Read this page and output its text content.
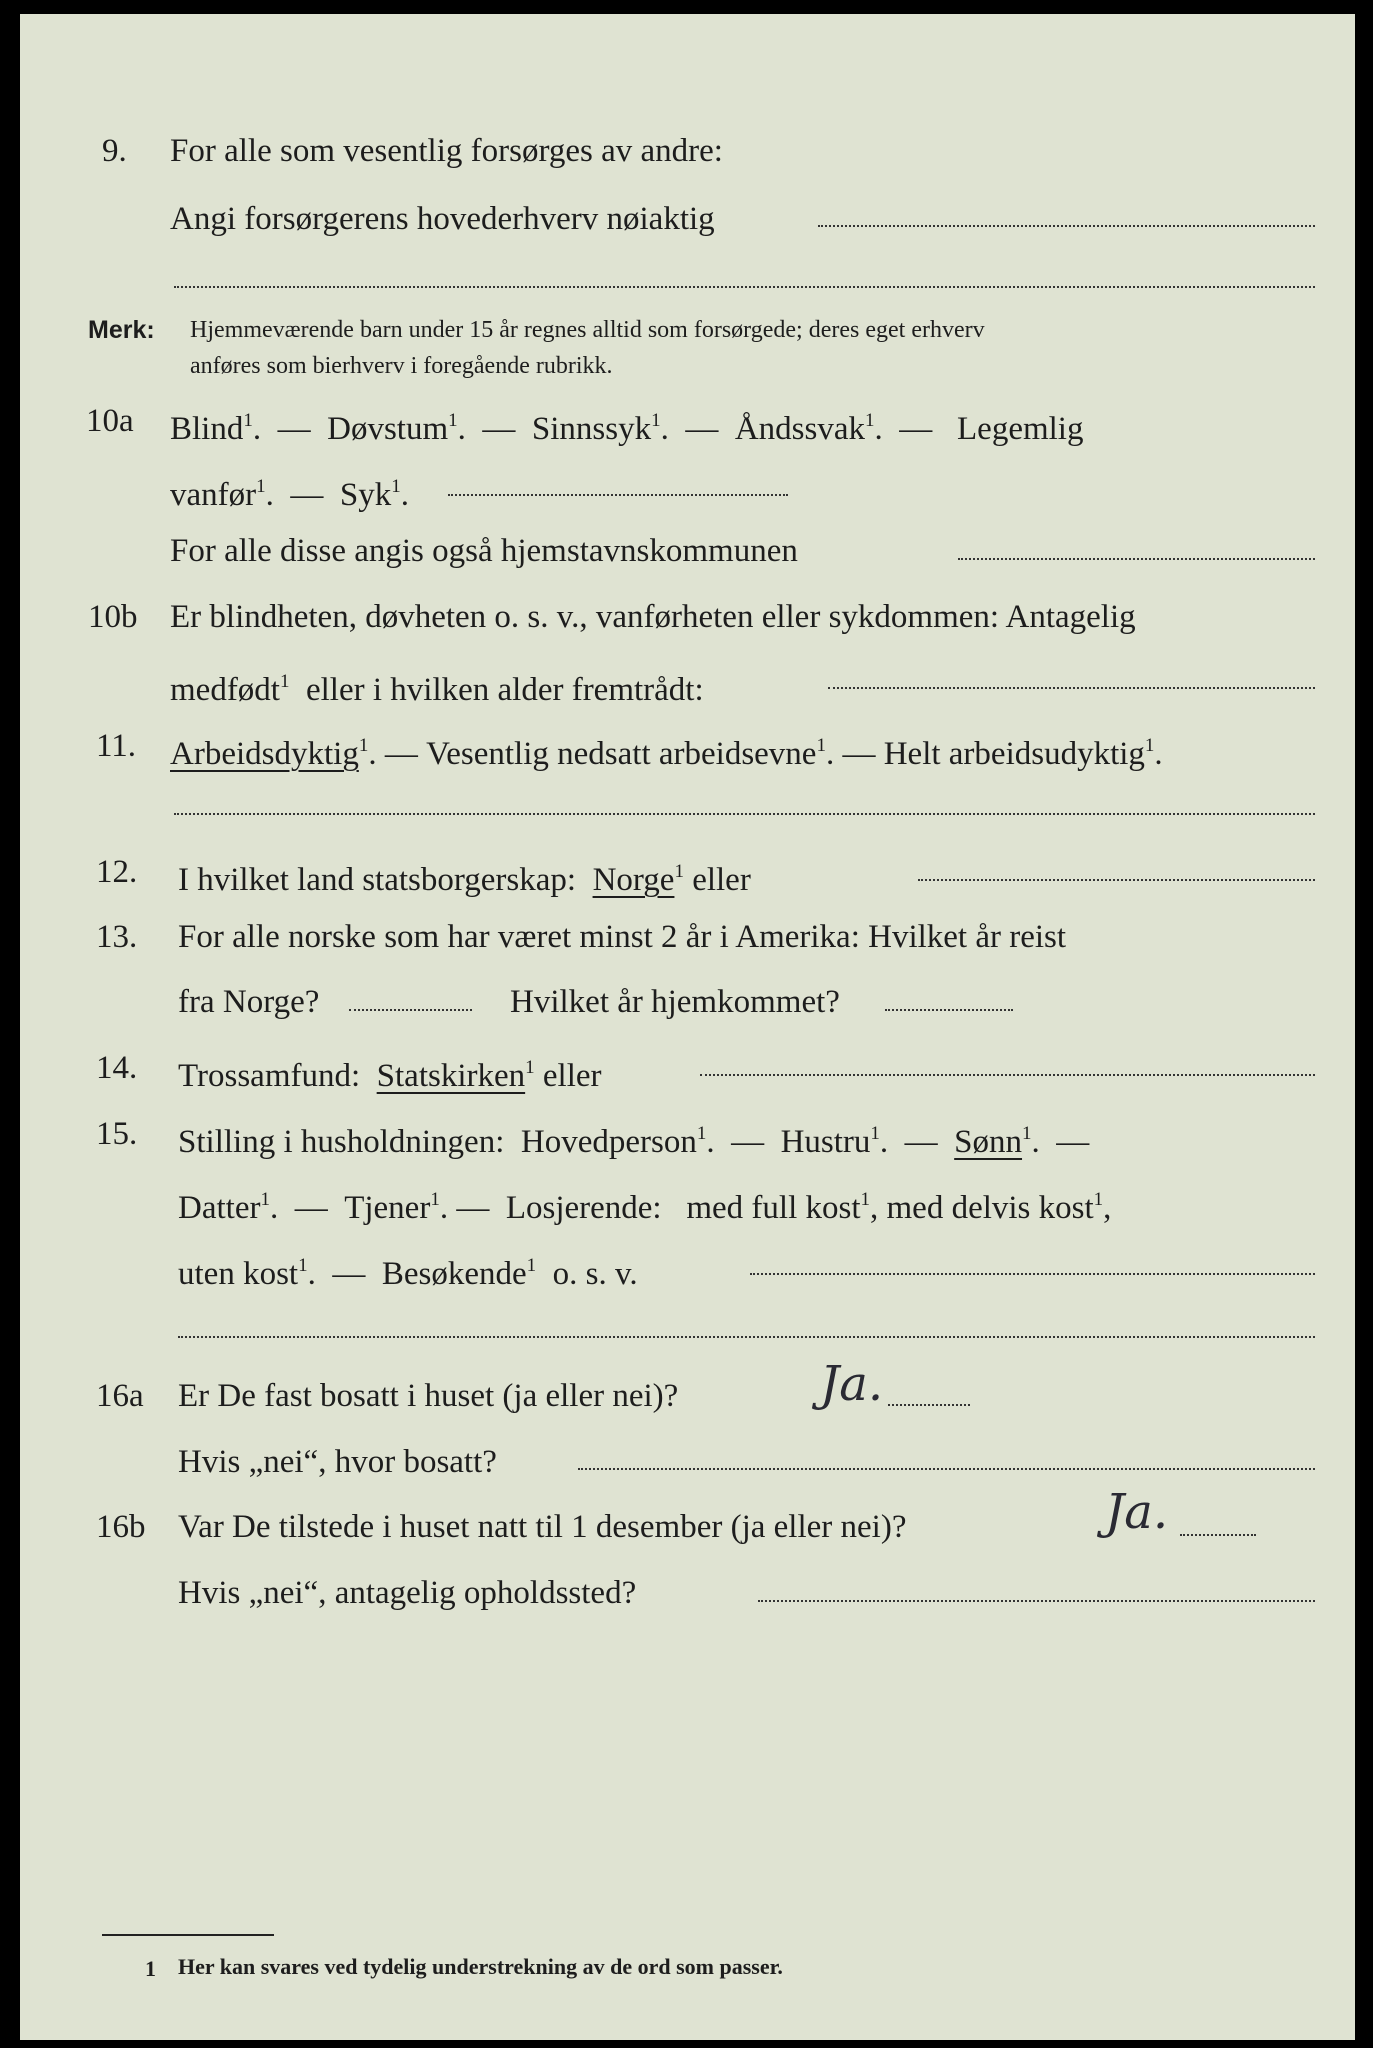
9. For alle som vesentlig forsørges av andre:
Angi forsørgerens hovederhverv nøiaktig
Merk: Hjemmeværende barn under 15 år regnes alltid som forsørgede; deres eget erhverv
anføres som bierhverv i foregående rubrikk.
10a Blind$^1$.  —  Døvstum$^1$.  —  Sinnssyk$^1$.  —  Åndssvak$^1$.  —   Legemlig
vanfør$^1$.  —  Syk$^1$.
For alle disse angis også hjemstavnskommunen
10b Er blindheten, døvheten o. s. v., vanførheten eller sykdommen: Antagelig
medfødt$^1$ eller i hvilken alder fremtrådt:
11. Arbeidsdyktig$^1$. — Vesentlig nedsatt arbeidsevne$^1$. — Helt arbeidsudyktig$^1$.
12. I hvilket land statsborgerskap: Norge$^1$ eller
13. For alle norske som har været minst 2 år i Amerika: Hvilket år reist
fra Norge?	Hvilket år hjemkommet?
14. Trossamfund: Statskirken$^1$ eller
15. Stilling i husholdningen: Hovedperson$^1$.  —  Hustru$^1$.  —  Sønn$^1$.  —
Datter$^1$.  —  Tjener$^1$. —  Losjerende: med full kost$^1$, med delvis kost$^1$,
uten kost$^1$.  —  Besøkende$^1$ o. s. v.
16a Er De fast bosatt i huset (ja eller nei)?	Ja.
Hvis „nei“, hvor bosatt?
16b Var De tilstede i huset natt til 1 desember (ja eller nei)?	Ja.
Hvis „nei“, antagelig opholdssted?
1 Her kan svares ved tydelig understrekning av de ord som passer.
